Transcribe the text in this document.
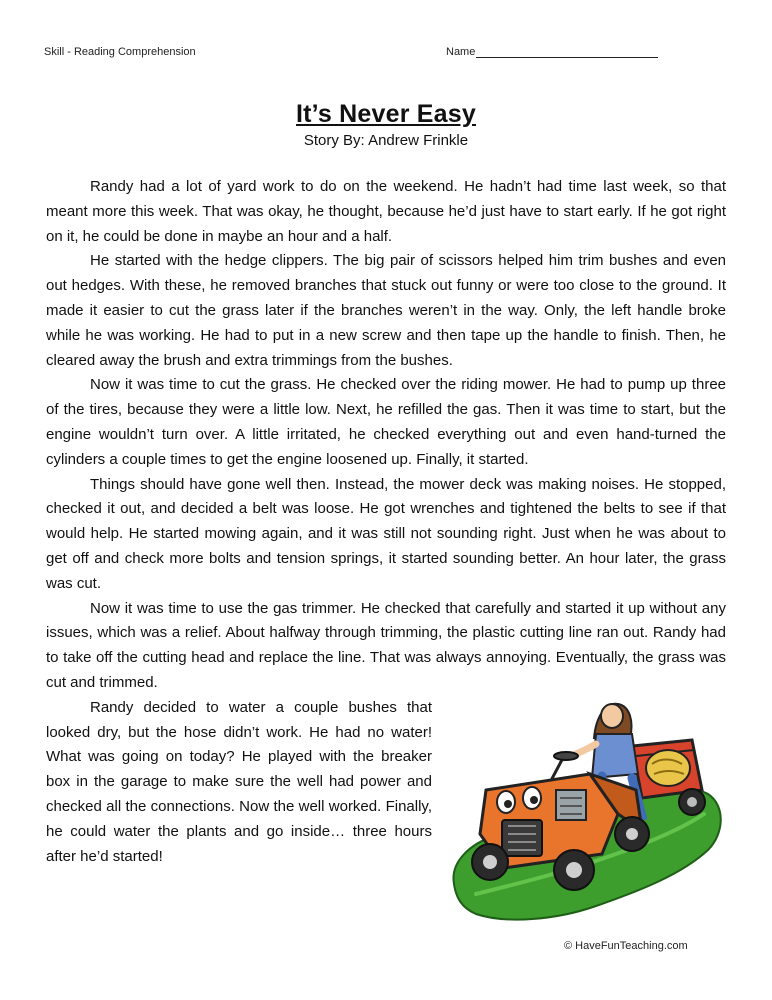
Skill - Reading Comprehension	Name
It’s Never Easy
Story By: Andrew Frinkle

Randy had a lot of yard work to do on the weekend. He hadn’t had time last week, so that meant more this week. That was okay, he thought, because he’d just have to start early. If he got right on it, he could be done in maybe an hour and a half.

He started with the hedge clippers. The big pair of scissors helped him trim bushes and even out hedges. With these, he removed branches that stuck out funny or were too close to the ground. It made it easier to cut the grass later if the branches weren’t in the way. Only, the left handle broke while he was working. He had to put in a new screw and then tape up the handle to finish. Then, he cleared away the brush and extra trimmings from the bushes.

Now it was time to cut the grass. He checked over the riding mower. He had to pump up three of the tires, because they were a little low. Next, he refilled the gas. Then it was time to start, but the engine wouldn’t turn over. A little irritated, he checked everything out and even hand-turned the cylinders a couple times to get the engine loosened up. Finally, it started.

Things should have gone well then. Instead, the mower deck was making noises. He stopped, checked it out, and decided a belt was loose. He got wrenches and tightened the belts to see if that would help. He started mowing again, and it was still not sounding right. Just when he was about to get off and check more bolts and tension springs, it started sounding better. An hour later, the grass was cut.

Now it was time to use the gas trimmer. He checked that carefully and started it up without any issues, which was a relief. About halfway through trimming, the plastic cutting line ran out. Randy had to take off the cutting head and replace the line. That was always annoying. Eventually, the grass was cut and trimmed.

Randy decided to water a couple bushes that looked dry, but the hose didn’t work. He had no water! What was going on today? He played with the breaker box in the garage to make sure the well had power and checked all the connections. Now the well worked. Finally, he could water the plants and go inside… three hours after he’d started!

© HaveFunTeaching.com
